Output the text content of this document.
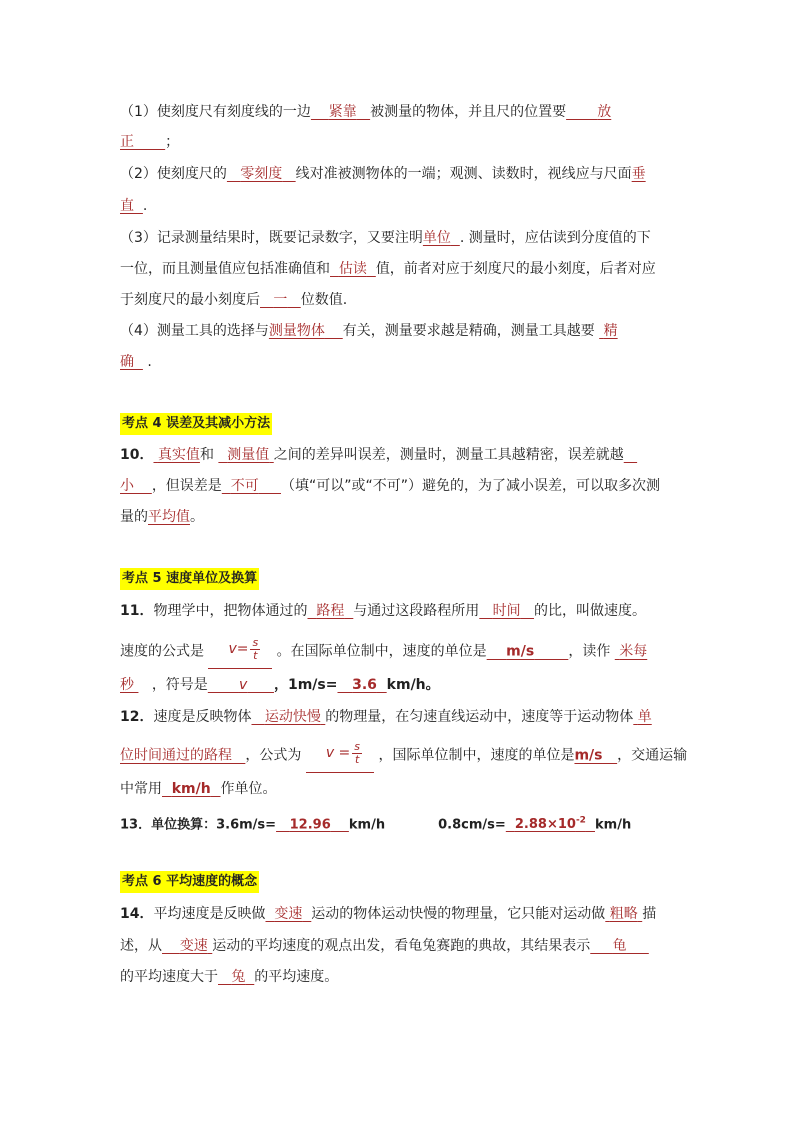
（1）使刻度尺有刻度线的一边 紧靠 被测量的物体，并且尺的位置要 放
正 ；
（2）使刻度尺的 零刻度 线对准被测物体的一端；观测、读数时，视线应与尺面垂
直 .
（3）记录测量结果时，既要记录数字，又要注明单位 . 测量时，应估读到分度值的下
一位，而且测量值应包括准确值和 估读 值，前者对应于刻度尺的最小刻度，后者对应
于刻度尺的最小刻度后 一 位数值.
（4）测量工具的选择与测量物体 有关，测量要求越是精确，测量工具越要 精
确 .
考点 4 误差及其减小方法
10． 真实值和 测量值 之间的差异叫误差，测量时，测量工具越精密，误差就越
小 ，但误差是 不可 （填“可以”或“不可”）避免的，为了减小误差，可以取多次测
量的平均值。
考点 5 速度单位及换算
11．物理学中，把物体通过的 路程 与通过这段路程所用 时间 的比，叫做速度。
速度的公式是 $v= \frac{s}{t}$ 。在国际单位制中，速度的单位是 m/s ，读作 米每
秒 ，符号是 v ，1m/s= 3.6 km/h。
12．速度是反映物体 运动快慢 的物理量，在匀速直线运动中，速度等于运动物体 单
位时间通过的路程 ，公式为 $v = \frac{s}{t}$ ，国际单位制中，速度的单位是m/s ，交通运输
中常用 km/h 作单位。
13．单位换算：3.6m/s= 12.96 km/h	$0.8cm/s= 2.88\times 10^{-2}$ km/h
考点 6 平均速度的概念
14．平均速度是反映做 变速 运动的物体运动快慢的物理量，它只能对运动做 粗略 描
述，从 变速 运动的平均速度的观点出发，看龟兔赛跑的典故，其结果表示 龟
的平均速度大于 兔 的平均速度。
